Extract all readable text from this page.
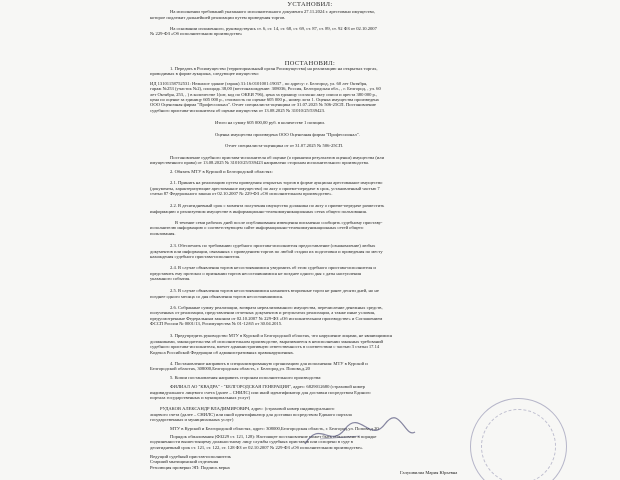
УСТАНОВИЛ:
На исполнении требований указанного исполнительного документа 27.11.2024 г. арестовано имущество,
которое подлежит дальнейшей реализации путем проведения торгов.
На основании изложенного, руководствуясь ст. 6, ст. 14, ст. 68, ст. 69, ст. 87, ст. 89, ст. 92 ФЗ от 02.10.2007
№ 229-ФЗ «Об исполнительном производстве»
1. Передать в Росимущество (территориальный орган Росимущества) на реализацию на открытых торгах,
проводимых в форме аукциона, следующее имущество:
ИД 13101158752531: Нежилое здание (гараж) 31:16:0101001:19037 , по адресу: г. Белгород, ул. 60 лет Октября,
гараж №253 (участок №2), площадь 38,00 (местонахождение: 308036, Россия, Белгородская обл., , г. Белгород, , ул. 60
лет Октября, 253, , ) в количестве 1(шт, код по ОКЕИ 796), цена за единицу согласно акту описи и ареста 380 000 р.,
цена по оценке за единицу 605 000 р., стоимость по оценке 605 000 р., номер лота 1. Оценка имущества произведена
ООО Оценочная фирма "Профессионал". Отчет специалиста-оценщика от 31.07.2025 № 506-25СП. Постановление
судебного пристава-исполнителя об оценке имущества от 13.08.2025 № 31010/25/539423.
Итого на сумму 605 000,00 руб. в количестве 1 позиции.
Оценка имущества произведена ООО Оценочная фирма "Профессионал".
Отчет специалиста-оценщика от от 31.07.2025 № 506-25СП.
Постановление судебного пристава-исполнителя об оценке (о принятии результатов оценки) имущества (или
имущественного права) от 13.08.2025 № 31010/25/539423 направлено сторонам исполнительного производства.
2. Обязать МТУ в Курской и Белгородской областях:
2.1. Принять на реализацию путем проведения открытых торгов в форме аукциона арестованное имущество
(документы, характеризующие арестованное имущество) по акту о приеме-передаче в срок, установленный частью 7
статьи 87 Федерального закона от 02.10.2007 № 229-ФЗ «Об исполнительном производстве».
2.2. В десятидневный срок с момента получения имущества должника по акту о приеме-передаче разместить
информацию о реализуемом имуществе в информационно-телекоммуникационных сетях общего пользования.
В течение семи рабочих дней после опубликования извещения письменно сообщить судебному приставу-
исполнителю информацию о соответствующем сайте информационно-телекоммуникационных сетей общего
пользования.
2.3. Обеспечить по требованию судебного пристава-исполнителя предоставление (ознакомление) любых
документов или информации, связанных с проведением торгов по любой стадии их подготовки и проведения по месту
нахождения судебного пристава-исполнителя.
2.4. В случае объявления торгов несостоявшимися уведомить об этом судебного пристава-исполнителя и
представить ему протокол о признании торгов несостоявшимися не позднее одного дня с даты наступления
указанного события.
2.5. В случае объявления торгов несостоявшимися назначить вторичные торги не ранее десяти дней, но не
позднее одного месяца со дня объявления торгов несостоявшимися.
2.6. Собранные сумму реализации, возврата нереализованного имущества, перечисление денежных средств,
полученных от реализации, представлении отчетных документов и результатах реализации, а также иные условия,
предусмотренные Федеральным законом от 02.10.2007 № 229-ФЗ «Об исполнительном производстве» и Соглашением
ФССП России № 0001/13, Росимущества № 01-12/65 от 30.04.2015.
3. Предупредить руководство МТУ в Курской и Белгородской областях, что нарушение лицами, не являющимися
должниками, законодательства об исполнительном производстве, выразившееся в неисполнении законных требований
судебного пристава-исполнителя, влечет административную ответственность в соответствии с частью 3 статьи 17.14
Кодекса Российской Федерации об административных правонарушениях.
4. Постановление направить в специализированную организацию для исполнения: МТУ в Курской и
Белгородской областях, 308000,Белгородская область, г. Белгород,ул. Попова,д.20
5. Копии постановления направить сторонам исполнительного производства:
ФИЛИАЛ АО "КВАДРА" - "БЕЛГОРОДСКАЯ ГЕНЕРАЦИЯ", адрес: 6829012680 (страховой номер
индивидуального лицевого счета (далее – СНИЛС) или иной идентификатор для доставки посредством Единого
портала государственных и муниципальных услуг)
РУДАКОВ АЛЕКСАНДР ВЛАДИМИРОВИЧ, адрес: (страховой номер индивидуального
лицевого счета (далее – СНИЛС) или иной идентификатор для доставки посредством Единого портала
государственных и муниципальных услуг)
МТУ в Курской и Белгородской областях, адрес: 308000,Белгородская область, г. Белгород,ул. Попова,д.20
Порядок обжалования (ФЗ229 ст. 121, 128): Настоящее постановление может быть обжаловано в порядке
подчиненности вышестоящему должностному лицу службы судебных приставов или оспорено в суде в
десятидневный срок ст. 121, ст. 122, ст. 128 ФЗ от 02.10.2007 № 229-ФЗ «Об исполнительном производстве».
Ведущий судебный пристав-исполнитель
Старший мытищинский отделения
Резолюция проверки ЭП: Подпись верна
Галушвилиа Мария Юрьевна
ПОСТАНОВИЛ:
